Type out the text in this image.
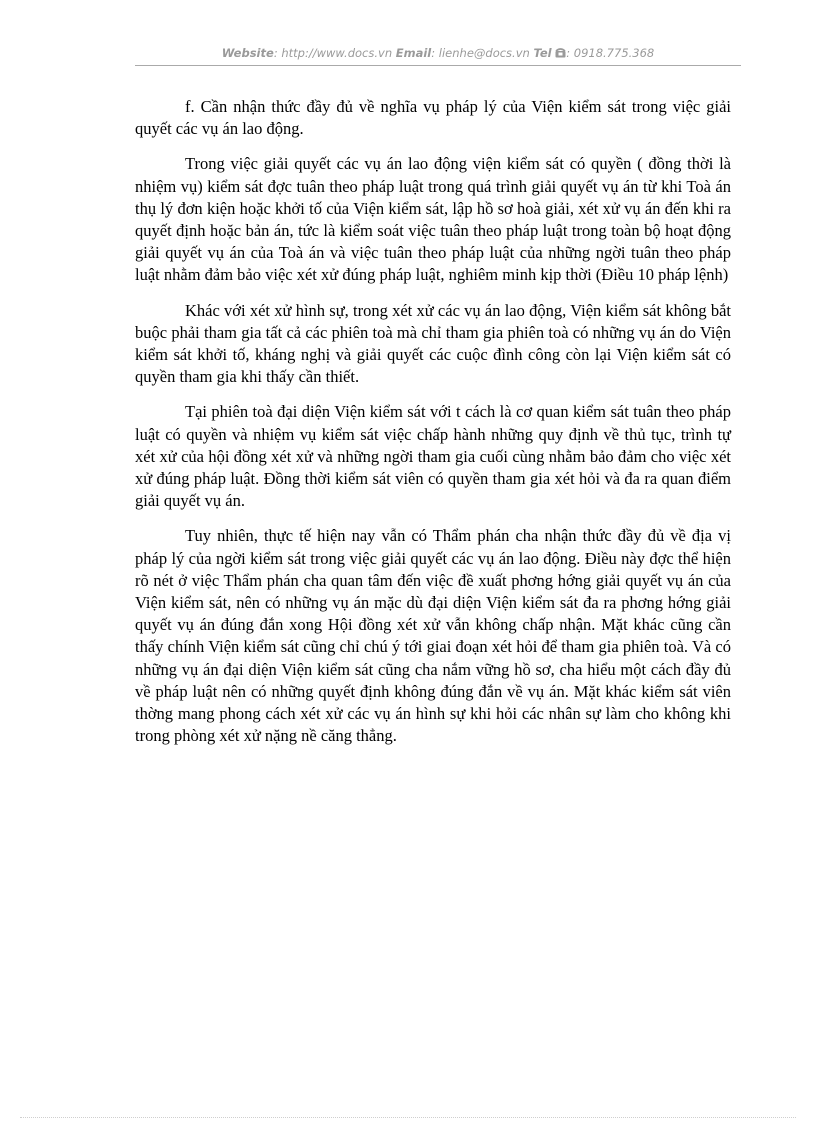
Website: http://www.docs.vn Email: lienhe@docs.vn Tel : 0918.775.368

f. Cần nhận thức đầy đủ về nghĩa vụ pháp lý của Viện kiểm sát trong việc giải quyết các vụ án lao động.

Trong việc giải quyết các vụ án lao động viện kiểm sát có quyền ( đồng thời là nhiệm vụ) kiểm sát đợc tuân theo pháp luật trong quá trình giải quyết vụ án từ khi Toà án thụ lý đơn kiện hoặc khởi tố của Viện kiểm sát, lập hồ sơ hoà giải, xét xử vụ án đến khi ra quyết định hoặc bản án, tức là kiểm soát việc tuân theo pháp luật trong toàn bộ hoạt động giải quyết vụ án của Toà án và việc tuân theo pháp luật của những ngời tuân theo pháp luật nhằm đảm bảo việc xét xử đúng pháp luật, nghiêm minh kịp thời (Điều 10 pháp lệnh)

Khác với xét xử hình sự, trong xét xử các vụ án lao động, Viện kiểm sát không bắt buộc phải tham gia tất cả các phiên toà mà chỉ tham gia phiên toà có những vụ án do Viện kiểm sát khởi tố, kháng nghị và giải quyết các cuộc đình công còn lại Viện kiểm sát có quyền tham gia khi thấy cần thiết.

Tại phiên toà đại diện Viện kiểm sát với t cách là cơ quan kiểm sát tuân theo pháp luật có quyền và nhiệm vụ kiểm sát việc chấp hành những quy định về thủ tục, trình tự xét xử của hội đồng xét xử và những ngời tham gia cuối cùng nhằm bảo đảm cho việc xét xử đúng pháp luật. Đồng thời kiểm sát viên có quyền tham gia xét hỏi và đa ra quan điểm giải quyết vụ án.

Tuy nhiên, thực tế hiện nay vẫn có Thẩm phán cha nhận thức đầy đủ về địa vị pháp lý của ngời kiểm sát trong việc giải quyết các vụ án lao động. Điều này đợc thể hiện rõ nét ở việc Thẩm phán cha quan tâm đến việc đề xuất phơng hớng giải quyết vụ án của Viện kiểm sát, nên có những vụ án mặc dù đại diện Viện kiểm sát đa ra phơng hớng giải quyết vụ án đúng đắn xong Hội đồng xét xử vẫn không chấp nhận. Mặt khác cũng cần thấy chính Viện kiểm sát cũng chỉ chú ý tới giai đoạn xét hỏi để tham gia phiên toà. Và có những vụ án đại diện Viện kiểm sát cũng cha nắm vững hồ sơ, cha hiểu một cách đầy đủ về pháp luật nên có những quyết định không đúng đắn về vụ án. Mặt khác kiểm sát viên thờng mang phong cách xét xử các vụ án hình sự khi hỏi các nhân sự làm cho không khi trong phòng xét xử nặng nề căng thẳng.
